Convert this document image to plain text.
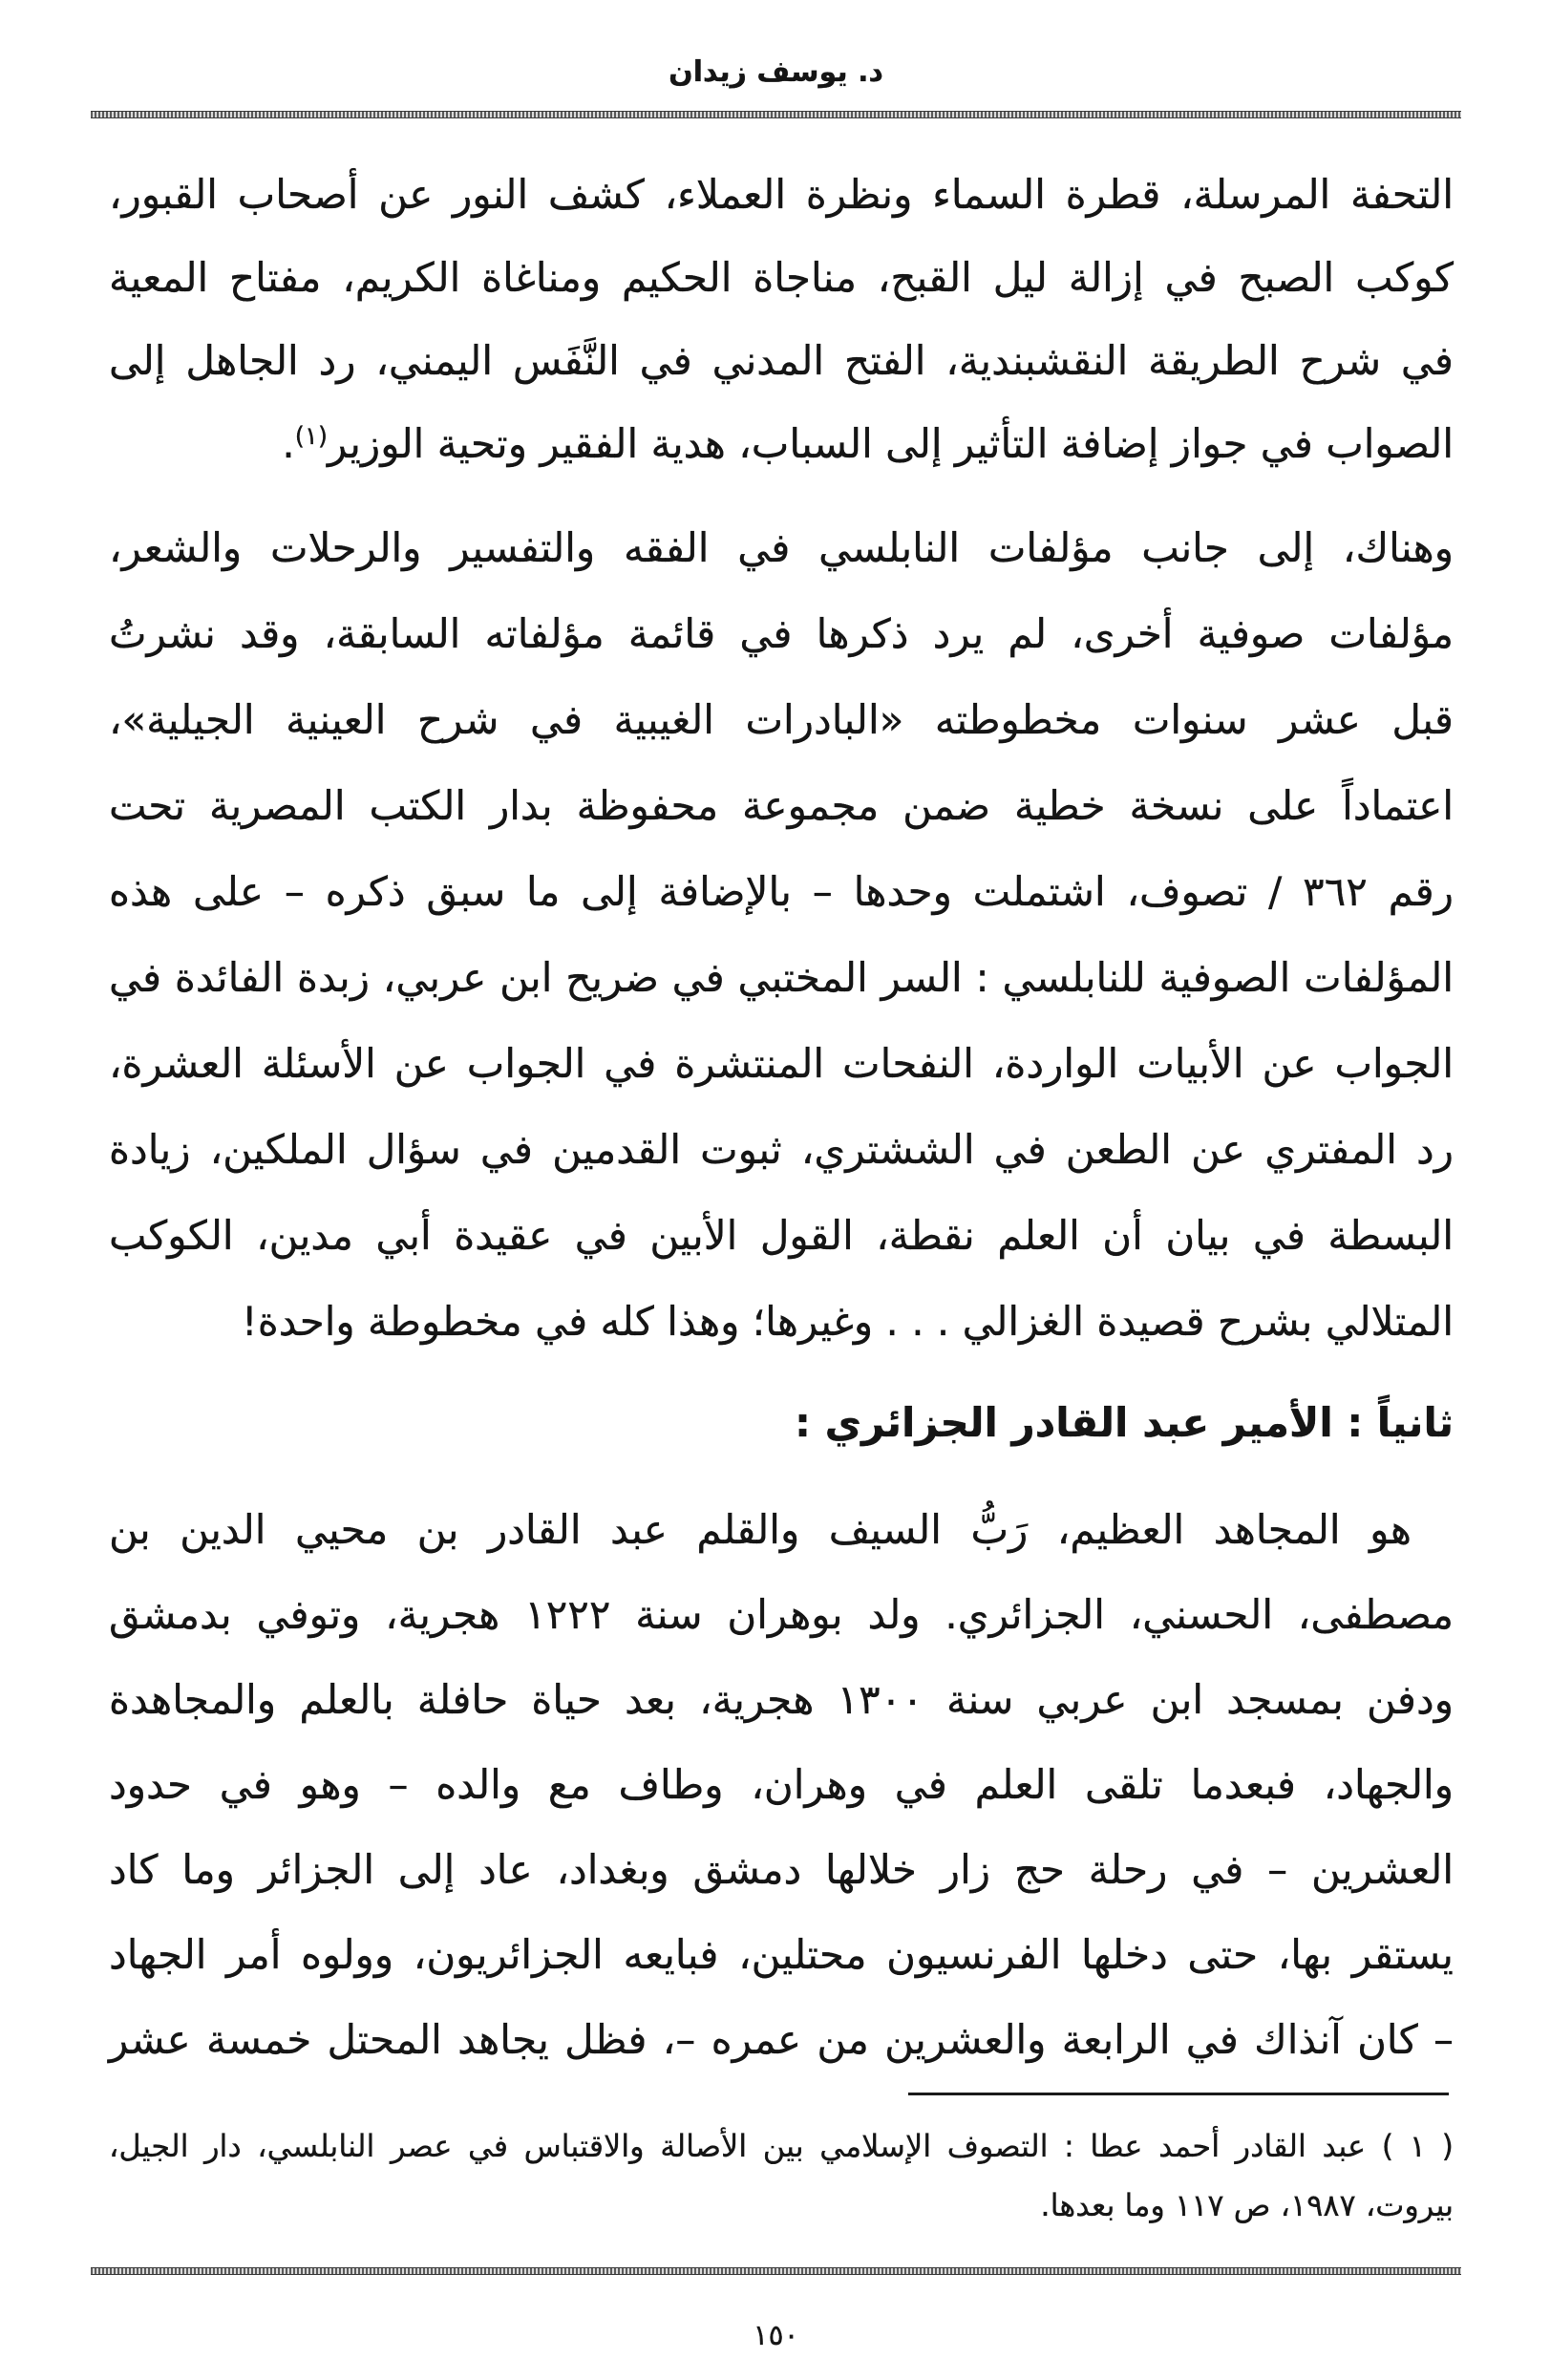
د. يوسف زيدان
التحفة المرسلة، قطرة السماء ونظرة العملاء، كشف النور عن أصحاب القبور،
كوكب الصبح في إزالة ليل القبح، مناجاة الحكيم ومناغاة الكريم، مفتاح المعية
في شرح الطريقة النقشبندية، الفتح المدني في النَّفَس اليمني، رد الجاهل إلى
الصواب في جواز إضافة التأثير إلى السباب، هدية الفقير وتحية الوزير$^{(١)}$.
وهناك، إلى جانب مؤلفات النابلسي في الفقه والتفسير والرحلات والشعر،
مؤلفات صوفية أخرى، لم يرد ذكرها في قائمة مؤلفاته السابقة، وقد نشرتُ
قبل عشر سنوات مخطوطته «البادرات الغيبية في شرح العينية الجيلية»،
اعتماداً على نسخة خطية ضمن مجموعة محفوظة بدار الكتب المصرية تحت
رقم ٣٦٢ / تصوف، اشتملت وحدها – بالإضافة إلى ما سبق ذكره – على هذه
المؤلفات الصوفية للنابلسي : السر المختبي في ضريح ابن عربي، زبدة الفائدة في
الجواب عن الأبيات الواردة، النفحات المنتشرة في الجواب عن الأسئلة العشرة،
رد المفتري عن الطعن في الششتري، ثبوت القدمين في سؤال الملكين، زيادة
البسطة في بيان أن العلم نقطة، القول الأبين في عقيدة أبي مدين، الكوكب
المتلالي بشرح قصيدة الغزالي . . . وغيرها؛ وهذا كله في مخطوطة واحدة!
ثانياً : الأمير عبد القادر الجزائري :
هو المجاهد العظيم، رَبُّ السيف والقلم عبد القادر بن محيي الدين بن
مصطفى، الحسني، الجزائري. ولد بوهران سنة ١٢٢٢ هجرية، وتوفي بدمشق
ودفن بمسجد ابن عربي سنة ١٣٠٠ هجرية، بعد حياة حافلة بالعلم والمجاهدة
والجهاد، فبعدما تلقى العلم في وهران، وطاف مع والده – وهو في حدود
العشرين – في رحلة حج زار خلالها دمشق وبغداد، عاد إلى الجزائر وما كاد
يستقر بها، حتى دخلها الفرنسيون محتلين، فبايعه الجزائريون، وولوه أمر الجهاد
– كان آنذاك في الرابعة والعشرين من عمره –، فظل يجاهد المحتل خمسة عشر
( ١ ) عبد القادر أحمد عطا : التصوف الإسلامي بين الأصالة والاقتباس في عصر النابلسي، دار الجيل،
بيروت، ١٩٨٧، ص ١١٧ وما بعدها.
١٥٠
